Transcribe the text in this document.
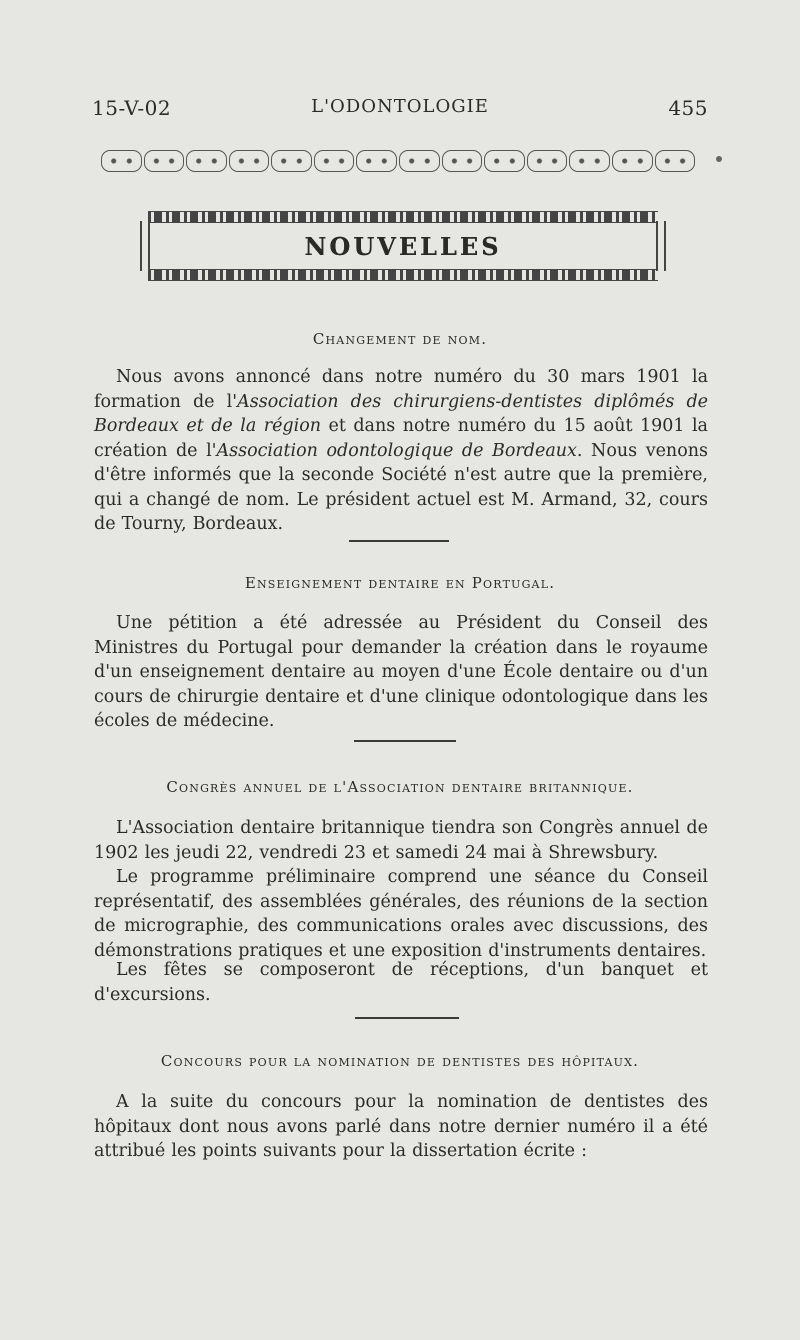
15-V-02	L'ODONTOLOGIE	455
NOUVELLES
Changement de nom.
Nous avons annoncé dans notre numéro du 30 mars 1901 la formation de l'Association des chirurgiens-dentistes diplômés de Bordeaux et de la région et dans notre numéro du 15 août 1901 la création de l'Association odontologique de Bordeaux. Nous venons d'être informés que la seconde Société n'est autre que la première, qui a changé de nom. Le président actuel est M. Armand, 32, cours de Tourny, Bordeaux.
Enseignement dentaire en Portugal.
Une pétition a été adressée au Président du Conseil des Ministres du Portugal pour demander la création dans le royaume d'un enseignement dentaire au moyen d'une École dentaire ou d'un cours de chirurgie dentaire et d'une clinique odontologique dans les écoles de médecine.
Congrès annuel de l'Association dentaire britannique.
L'Association dentaire britannique tiendra son Congrès annuel de 1902 les jeudi 22, vendredi 23 et samedi 24 mai à Shrewsbury.
Le programme préliminaire comprend une séance du Conseil représentatif, des assemblées générales, des réunions de la section de micrographie, des communications orales avec discussions, des démonstrations pratiques et une exposition d'instruments dentaires.
Les fêtes se composeront de réceptions, d'un banquet et d'excursions.
Concours pour la nomination de dentistes des hôpitaux.
A la suite du concours pour la nomination de dentistes des hôpitaux dont nous avons parlé dans notre dernier numéro il a été attribué les points suivants pour la dissertation écrite :
